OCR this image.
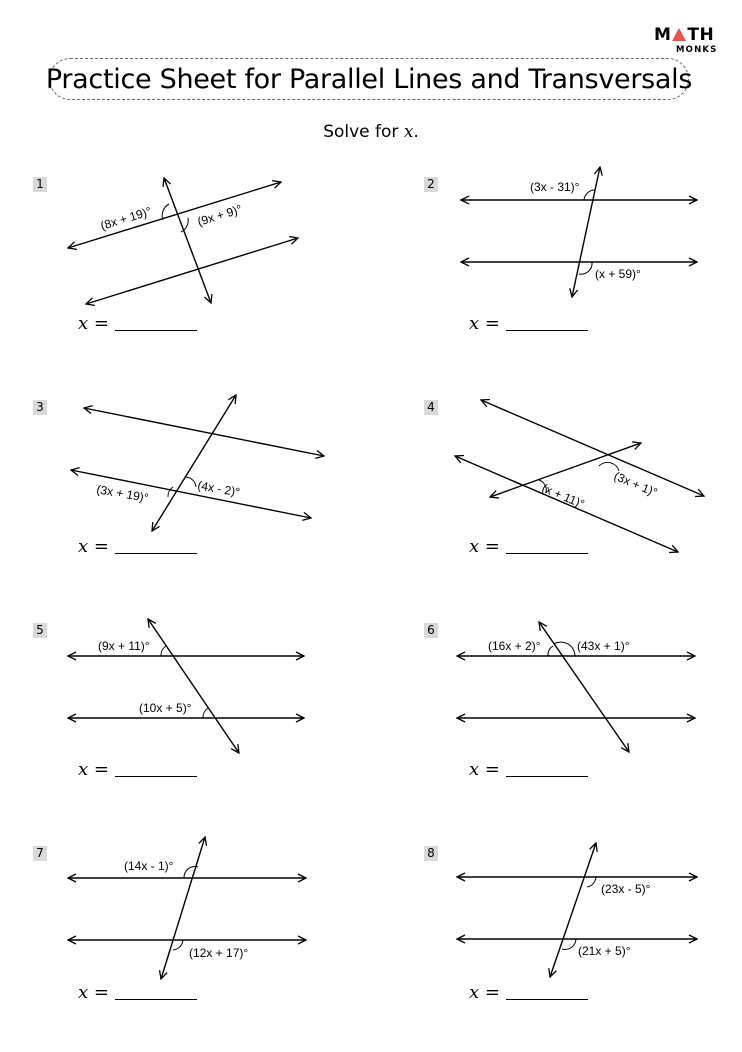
M TH
MONKS
Practice Sheet for Parallel Lines and Transversals
Solve for x.
1
(8x + 19)°	(9x + 9)°
x =
2	(3x - 31)°
(x + 59)°
x =
3
(4x - 2)°
(3x + 19)°
x =
4
(3x + 1)°
(x + 11)°
x =
5
(9x + 11)°
(10x + 5)°
x =
6
(16x + 2)°	(43x + 1)°
x =
7
(14x - 1)°
(12x + 17)°
x =
8
(23x - 5)°
(21x + 5)°
x =
